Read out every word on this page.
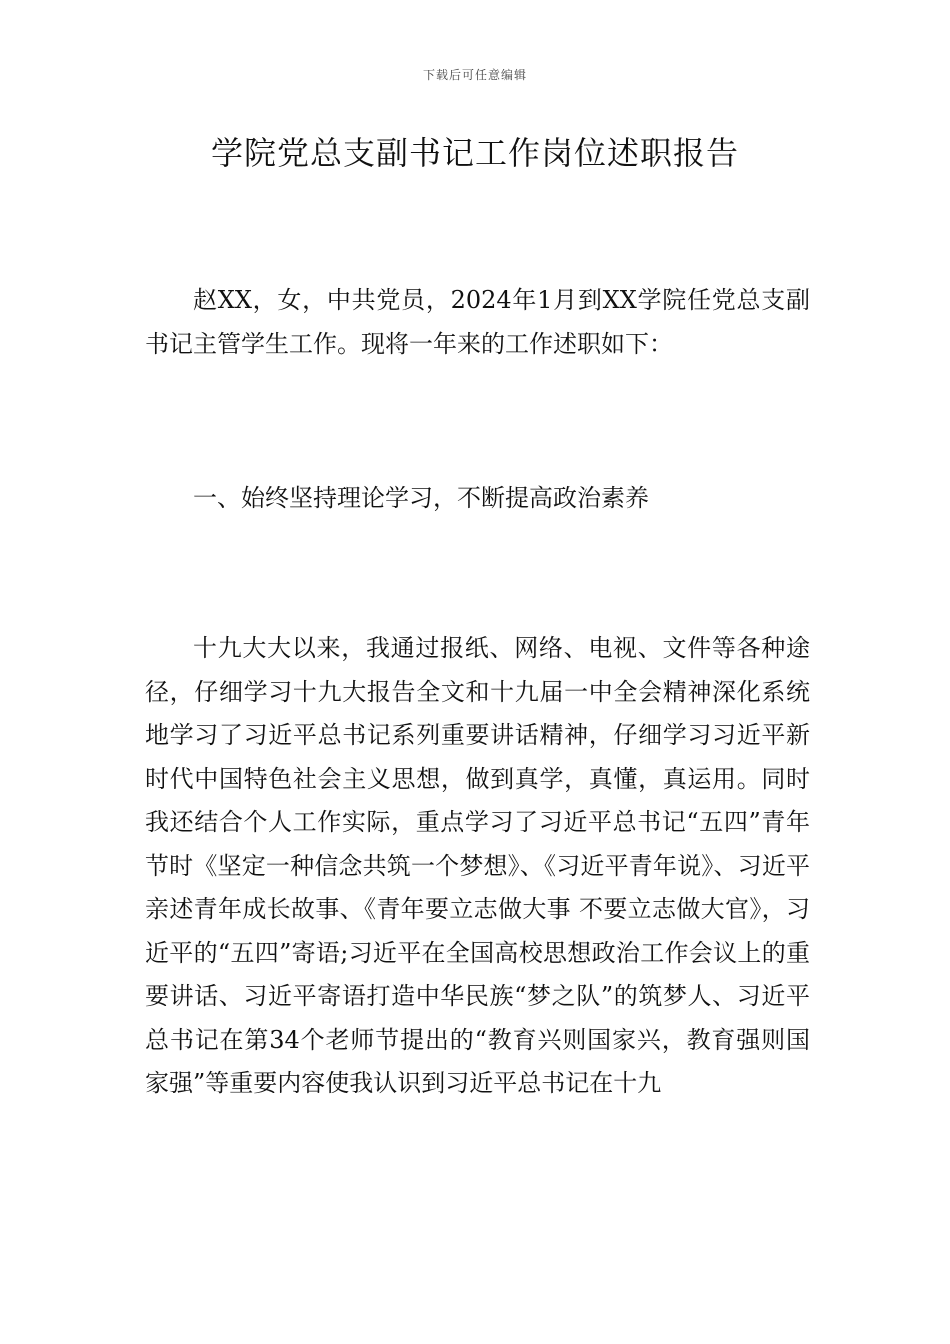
下载后可任意编辑
学院党总支副书记工作岗位述职报告

赵XX，女，中共党员，2024年1月到XX学院任党总支副书记主管学生工作。现将一年来的工作述职如下：

一、始终坚持理论学习，不断提高政治素养

十九大大以来，我通过报纸、网络、电视、文件等各种途径，仔细学习十九大报告全文和十九届一中全会精神深化系统地学习了习近平总书记系列重要讲话精神，仔细学习习近平新时代中国特色社会主义思想，做到真学，真懂，真运用。同时我还结合个人工作实际，重点学习了习近平总书记“五四”青年节时《坚定一种信念共筑一个梦想》、《习近平青年说》、习近平亲述青年成长故事、《青年要立志做大事 不要立志做大官》，习近平的“五四”寄语;习近平在全国高校思想政治工作会议上的重要讲话、习近平寄语打造中华民族“梦之队”的筑梦人、习近平总书记在第34个老师节提出的“教育兴则国家兴，教育强则国家强”等重要内容使我认识到习近平总书记在十九
